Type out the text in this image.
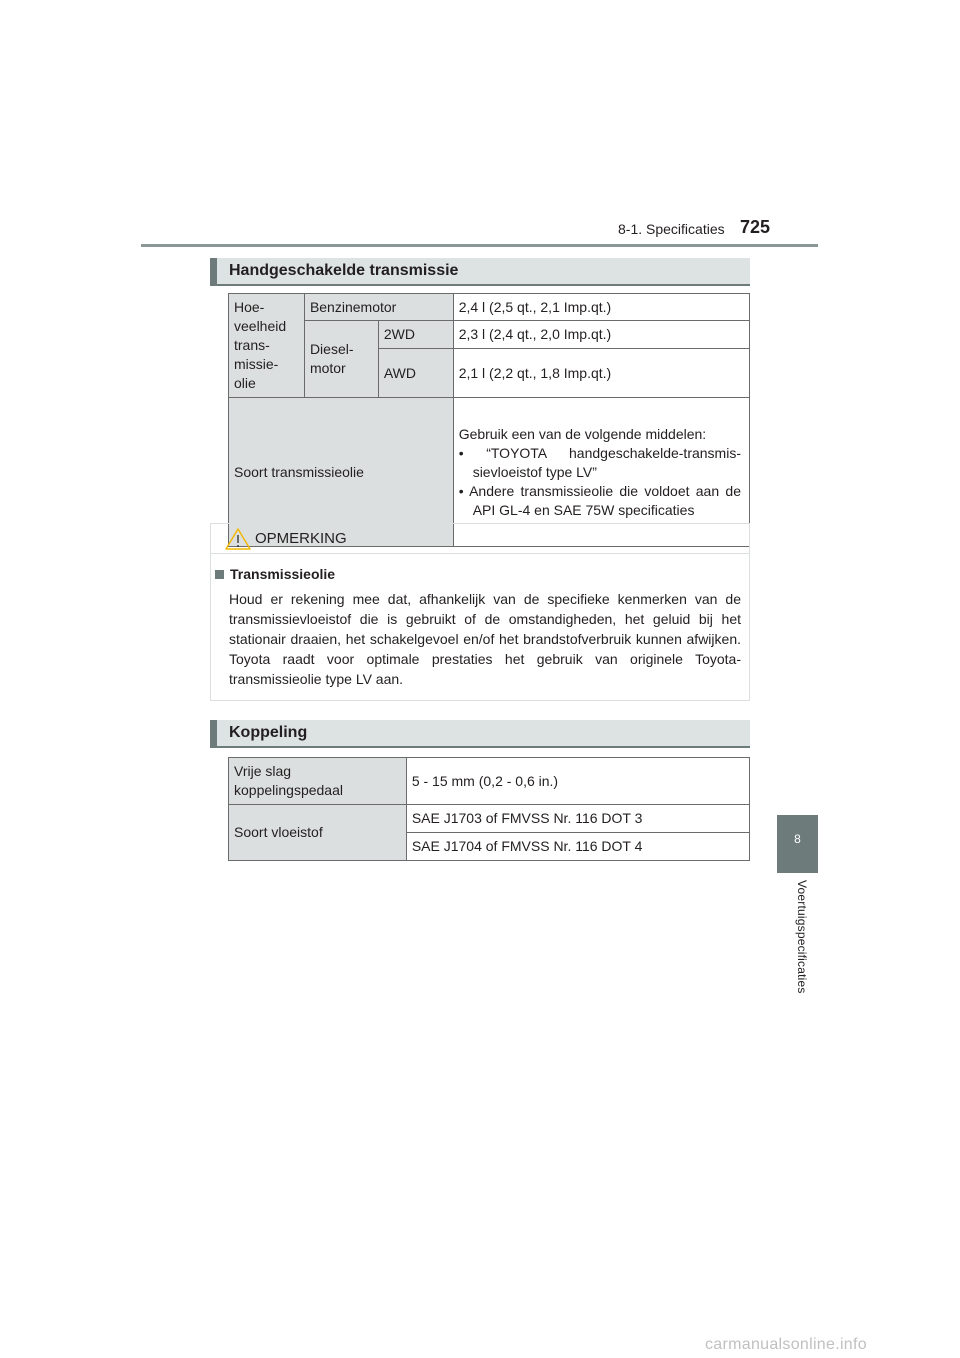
8-1. Specificaties 725
8
Voertuigspecificaties
Handgeschakelde transmissie
Hoe-
veelheid
trans-
missie-
olie	Benzinemotor		2,4 l (2,5 qt., 2,1 Imp.qt.)
	Diesel-
motor	2WD	2,3 l (2,4 qt., 2,0 Imp.qt.)
		AWD	2,1 l (2,2 qt., 1,8 Imp.qt.)
Soort transmissieolie			Gebruik een van de volgende middelen:
• “TOYOTA handgeschakelde-transmis- sievloeistof type LV”
• Andere transmissieolie die voldoet aan de API GL-4 en SAE 75W specificaties
OPMERKING
Transmissieolie
Houd er rekening mee dat, afhankelijk van de specifieke kenmerken van de transmissievloeistof die is gebruikt of de omstandigheden, het geluid bij het stationair draaien, het schakelgevoel en/of het brandstofverbruik kunnen afwijken. Toyota raadt voor optimale prestaties het gebruik van originele Toyota-transmissieolie type LV aan.
Koppeling
Vrije slag
koppelingspedaal	5 - 15 mm (0,2 - 0,6 in.)
Soort vloeistof	SAE J1703 of FMVSS Nr. 116 DOT 3
	SAE J1704 of FMVSS Nr. 116 DOT 4
carmanualsonline.info
